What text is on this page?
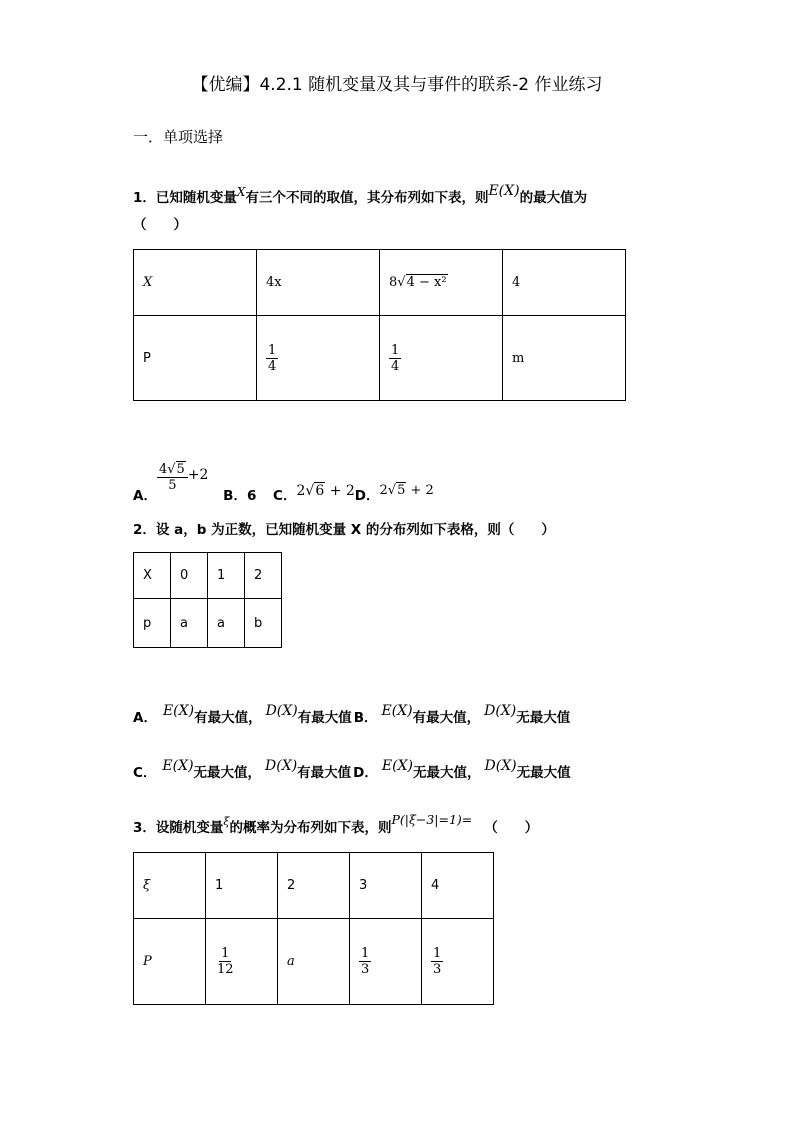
【优编】4.2.1 随机变量及其与事件的联系-2 作业练习
一．单项选择
1．已知随机变量X有三个不同的取值，其分布列如下表，则E(X)的最大值为
（　　）
X	4x	8√4 − x²	4
P	$\frac{1}{4}$	$\frac{1}{4}$	m
A．
$\frac{4√5}{5} +2$ B．6 C．2√6 + 2D．2√5 + 2
2．设 a，b 为正数，已知随机变量 X 的分布列如下表格，则（　　）
X	0	1	2
p	a	a	b
A． E(X)有最大值， D(X)有最大值 B． E(X)有最大值， D(X)无最大值
C． E(X)无最大值， D(X)有最大值 D． E(X)无最大值， D(X)无最大值
3．设随机变量$^\xi$的概率为分布列如下表，则P(|ξ−3|=1)=（　　）
ξ	1	2	3	4
P	$\frac{1}{12}$	a	$\frac{1}{3}$	$\frac{1}{3}$
